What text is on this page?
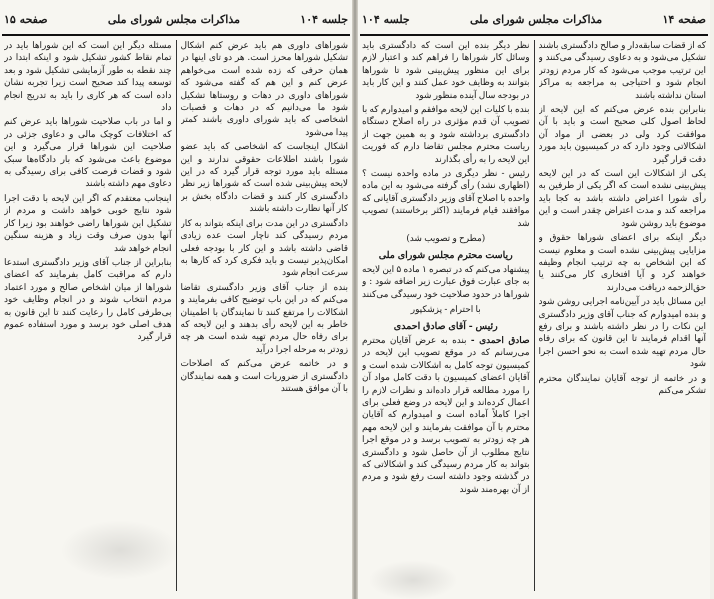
جلسه ۱۰۴
مذاکرات مجلس شورای ملی
صفحه ۱۵

شوراهای داوری هم باید عرض کنم اشکال تشکیل شوراها محرز است. هر دو تای اینها در همان حرفی که زده شده است می‌خواهم عرض کنم و این هم که گفته می‌شود که شوراهای داوری در دهات و روستاها تشکیل شود ما می‌دانیم که در دهات و قصبات اشخاصی که باید شورای داوری باشند کمتر پیدا می‌شود

اشکال اینجاست که اشخاصی که باید عضو شورا باشند اطلاعات حقوقی ندارند و این مسئله باید مورد توجه قرار گیرد که در این لایحه پیش‌بینی شده است که شوراها زیر نظر دادگستری کار کنند و قضات دادگاه بخش بر کار آنها نظارت داشته باشند

دادگستری در این مدت برای اینکه بتواند به کار مردم رسیدگی کند ناچار است عده زیادی قاضی داشته باشد و این کار با بودجه فعلی امکان‌پذیر نیست و باید فکری کرد که کارها به سرعت انجام شود

بنده از جناب آقای وزیر دادگستری تقاضا می‌کنم که در این باب توضیح کافی بفرمایند و اشکالات را مرتفع کنند تا نمایندگان با اطمینان خاطر به این لایحه رأی بدهند و این لایحه که برای رفاه حال مردم تهیه شده است هر چه زودتر به مرحله اجرا درآید

و در خاتمه عرض می‌کنم که اصلاحات دادگستری از ضروریات است و همه نمایندگان با آن موافق هستند

مسئله دیگر این است که این شوراها باید در تمام نقاط کشور تشکیل شود و اینکه ابتدا در چند نقطه به طور آزمایشی تشکیل شود و بعد توسعه پیدا کند صحیح است زیرا تجربه نشان داده است که هر کاری را باید به تدریج انجام داد

و اما در باب صلاحیت شوراها باید عرض کنم که اختلافات کوچک مالی و دعاوی جزئی در صلاحیت این شوراها قرار می‌گیرد و این موضوع باعث می‌شود که بار دادگاه‌ها سبک شود و قضات فرصت کافی برای رسیدگی به دعاوی مهم داشته باشند

اینجانب معتقدم که اگر این لایحه با دقت اجرا شود نتایج خوبی خواهد داشت و مردم از تشکیل این شوراها راضی خواهند بود زیرا کار آنها بدون صرف وقت زیاد و هزینه سنگین انجام خواهد شد

بنابراین از جناب آقای وزیر دادگستری استدعا دارم که مراقبت کامل بفرمایند که اعضای شوراها از میان اشخاص صالح و مورد اعتماد مردم انتخاب شوند و در انجام وظایف خود بی‌طرفی کامل را رعایت کنند تا این قانون به هدف اصلی خود برسد و مورد استفاده عموم قرار گیرد

صفحه ۱۴
مذاکرات مجلس شورای ملی
جلسه ۱۰۴

که از قضات سابقه‌دار و صالح دادگستری باشند تشکیل می‌شود و به دعاوی رسیدگی می‌کنند و این ترتیب موجب می‌شود که کار مردم زودتر انجام شود و احتیاجی به مراجعه به مراکز استان نداشته باشند

بنابراین بنده عرض می‌کنم که این لایحه از لحاظ اصول کلی صحیح است و باید با آن موافقت کرد ولی در بعضی از مواد آن اشکالاتی وجود دارد که در کمیسیون باید مورد دقت قرار گیرد

یکی از اشکالات این است که در این لایحه پیش‌بینی نشده است که اگر یکی از طرفین به رأی شورا اعتراض داشته باشد به کجا باید مراجعه کند و مدت اعتراض چقدر است و این موضوع باید روشن شود

دیگر اینکه برای اعضای شوراها حقوق و مزایایی پیش‌بینی نشده است و معلوم نیست که این اشخاص به چه ترتیب انجام وظیفه خواهند کرد و آیا افتخاری کار می‌کنند یا حق‌الزحمه دریافت می‌دارند

این مسائل باید در آیین‌نامه اجرایی روشن شود و بنده امیدوارم که جناب آقای وزیر دادگستری این نکات را در نظر داشته باشند و برای رفع آنها اقدام فرمایند تا این قانون که برای رفاه حال مردم تهیه شده است به نحو احسن اجرا شود

و در خاتمه از توجه آقایان نمایندگان محترم تشکر می‌کنم

نظر دیگر بنده این است که دادگستری باید وسائل کار شوراها را فراهم کند و اعتبار لازم برای این منظور پیش‌بینی شود تا شوراها بتوانند به وظایف خود عمل کنند و این کار باید در بودجه سال آینده منظور شود

بنده با کلیات این لایحه موافقم و امیدوارم که با تصویب آن قدم مؤثری در راه اصلاح دستگاه دادگستری برداشته شود و به همین جهت از ریاست محترم مجلس تقاضا دارم که فوریت این لایحه را به رأی بگذارند

رئیس - نظر دیگری در ماده واحده نیست ؟ (اظهاری نشد) رأی گرفته می‌شود به این ماده واحده با اصلاح آقای وزیر دادگستری آقایانی که موافقند قیام فرمایند (اکثر برخاستند) تصویب شد

(مطرح و تصویب شد)

ریاست محترم مجلس شورای ملی

پیشنهاد می‌کنم که در تبصره ۱ ماده ۵ این لایحه به جای عبارت فوق عبارت زیر اضافه شود : و شوراها در حدود صلاحیت خود رسیدگی می‌کنند

با احترام - پزشکپور

رئیس - آقای صادق احمدی

صادق احمدی - بنده به عرض آقایان محترم می‌رسانم که در موقع تصویب این لایحه در کمیسیون توجه کامل به اشکالات شده است و آقایان اعضای کمیسیون با دقت کامل مواد آن را مورد مطالعه قرار داده‌اند و نظرات لازم را اعمال کرده‌اند و این لایحه در وضع فعلی برای اجرا کاملاً آماده است و امیدوارم که آقایان محترم با آن موافقت بفرمایند و این لایحه مهم هر چه زودتر به تصویب برسد و در موقع اجرا نتایج مطلوب از آن حاصل شود و دادگستری بتواند به کار مردم رسیدگی کند و اشکالاتی که در گذشته وجود داشته است رفع شود و مردم از آن بهره‌مند شوند
